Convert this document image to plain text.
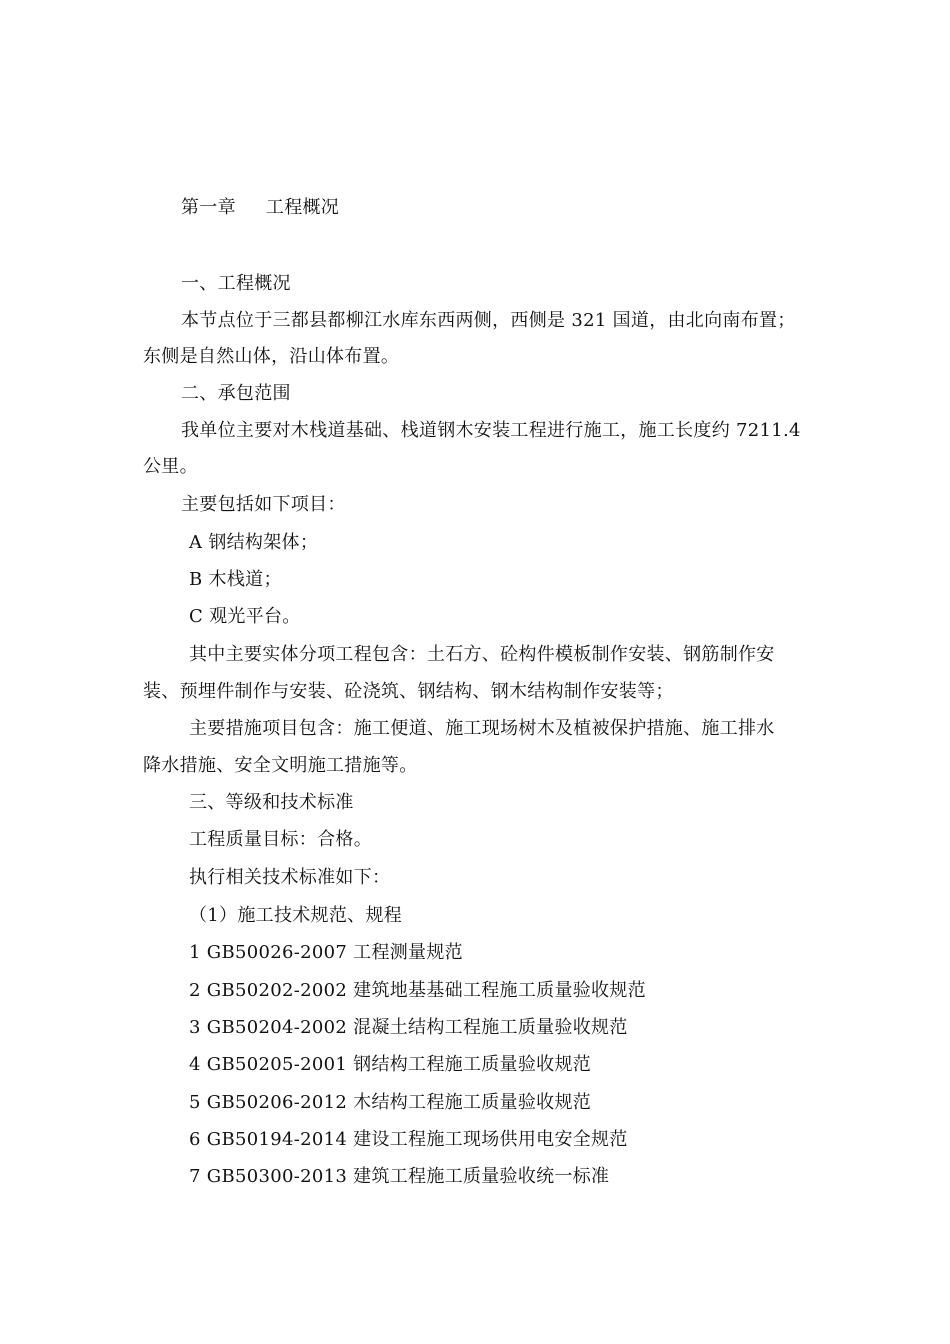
第一章 工程概况
一、工程概况
本节点位于三都县都柳江水库东西两侧，西侧是 321 国道，由北向南布置；
东侧是自然山体，沿山体布置。
二、承包范围
我单位主要对木栈道基础、栈道钢木安装工程进行施工，施工长度约 7211.4
公里。
主要包括如下项目：
A 钢结构架体；
B 木栈道；
C 观光平台。
其中主要实体分项工程包含：土石方、砼构件模板制作安装、钢筋制作安
装、预埋件制作与安装、砼浇筑、钢结构、钢木结构制作安装等；
主要措施项目包含：施工便道、施工现场树木及植被保护措施、施工排水
降水措施、安全文明施工措施等。
三、等级和技术标准
工程质量目标：合格。
执行相关技术标准如下：
（1）施工技术规范、规程
1 GB50026-2007 工程测量规范
2 GB50202-2002 建筑地基基础工程施工质量验收规范
3 GB50204-2002 混凝土结构工程施工质量验收规范
4 GB50205-2001 钢结构工程施工质量验收规范
5 GB50206-2012 木结构工程施工质量验收规范
6 GB50194-2014 建设工程施工现场供用电安全规范
7 GB50300-2013 建筑工程施工质量验收统一标准
